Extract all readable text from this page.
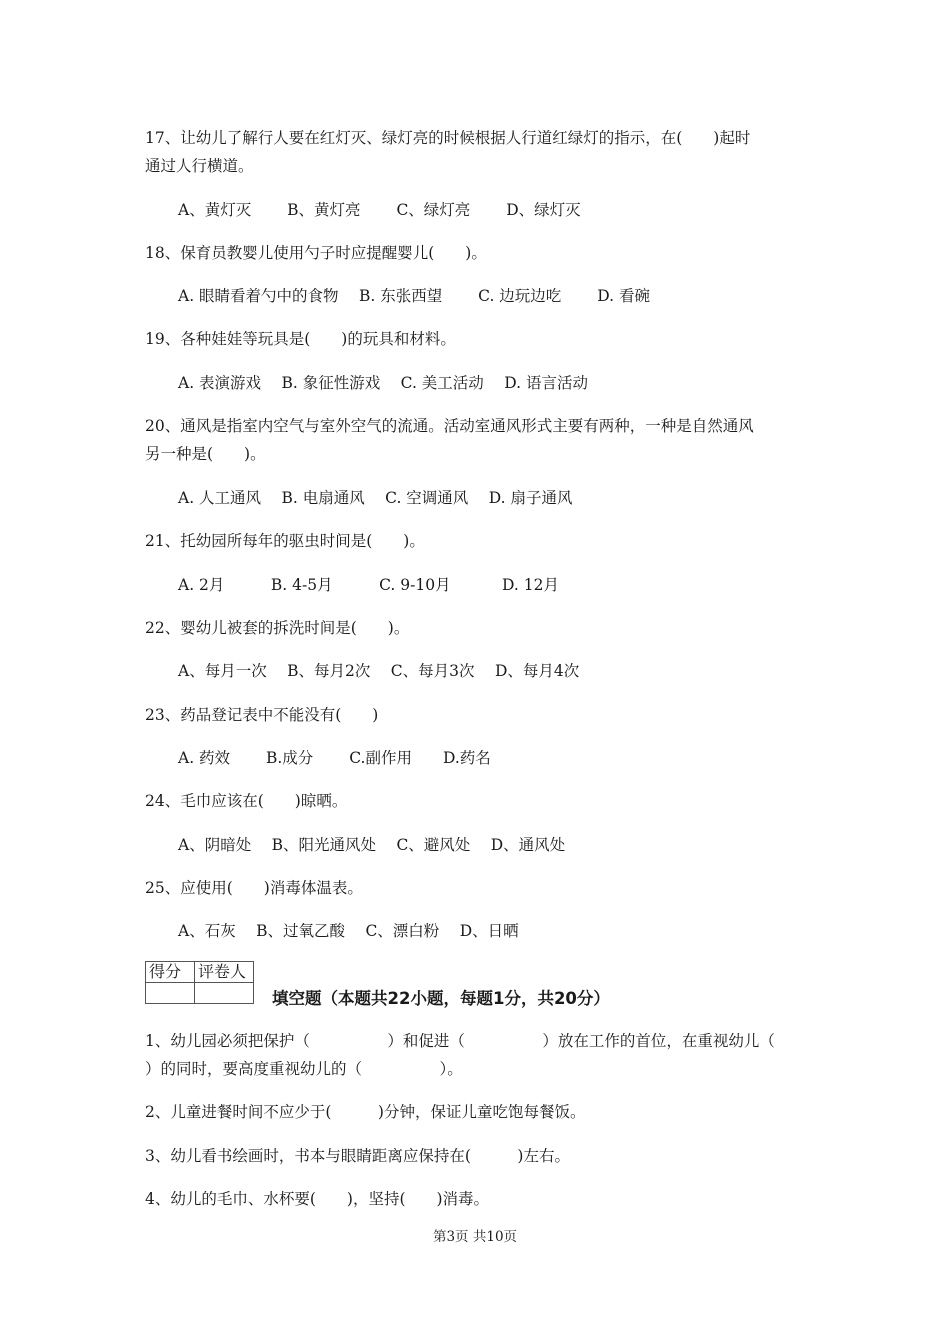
17、让幼儿了解行人要在红灯灭、绿灯亮的时候根据人行道红绿灯的指示，在(　　)起时
通过人行横道。
A、黄灯灭　　 B、黄灯亮　　 C、绿灯亮　　 D、绿灯灭
18、保育员教婴儿使用勺子时应提醒婴儿(　　)。
A. 眼睛看着勺中的食物　 B. 东张西望　　 C. 边玩边吃　　 D. 看碗
19、各种娃娃等玩具是(　　)的玩具和材料。
A. 表演游戏　 B. 象征性游戏　 C. 美工活动　 D. 语言活动
20、通风是指室内空气与室外空气的流通。活动室通风形式主要有两种，一种是自然通风
另一种是(　　)。
A. 人工通风　 B. 电扇通风　 C. 空调通风　 D. 扇子通风
21、托幼园所每年的驱虫时间是(　　)。
A. 2月　　　B. 4-5月　　　C. 9-10月　　　 D. 12月
22、婴幼儿被套的拆洗时间是(　　)。
A、每月一次　 B、每月2次　 C、每月3次　 D、每月4次
23、药品登记表中不能没有(　　)
A. 药效　　 B.成分　　 C.副作用　　D.药名
24、毛巾应该在(　　)晾晒。
A、阴暗处　 B、阳光通风处　 C、避风处　 D、通风处
25、应使用(　　)消毒体温表。
A、石灰　 B、过氧乙酸　 C、漂白粉　 D、日晒
得分	评卷人

填空题（本题共22小题，每题1分，共20分）
1、幼儿园必须把保护（　　　　　）和促进（　　　　　）放在工作的首位，在重视幼儿（
）的同时，要高度重视幼儿的（　　　　　）。
2、儿童进餐时间不应少于(　　　)分钟，保证儿童吃饱每餐饭。
3、幼儿看书绘画时，书本与眼睛距离应保持在(　　　)左右。
4、幼儿的毛巾、水杯要(　　)，坚持(　　)消毒。
第3页 共10页
